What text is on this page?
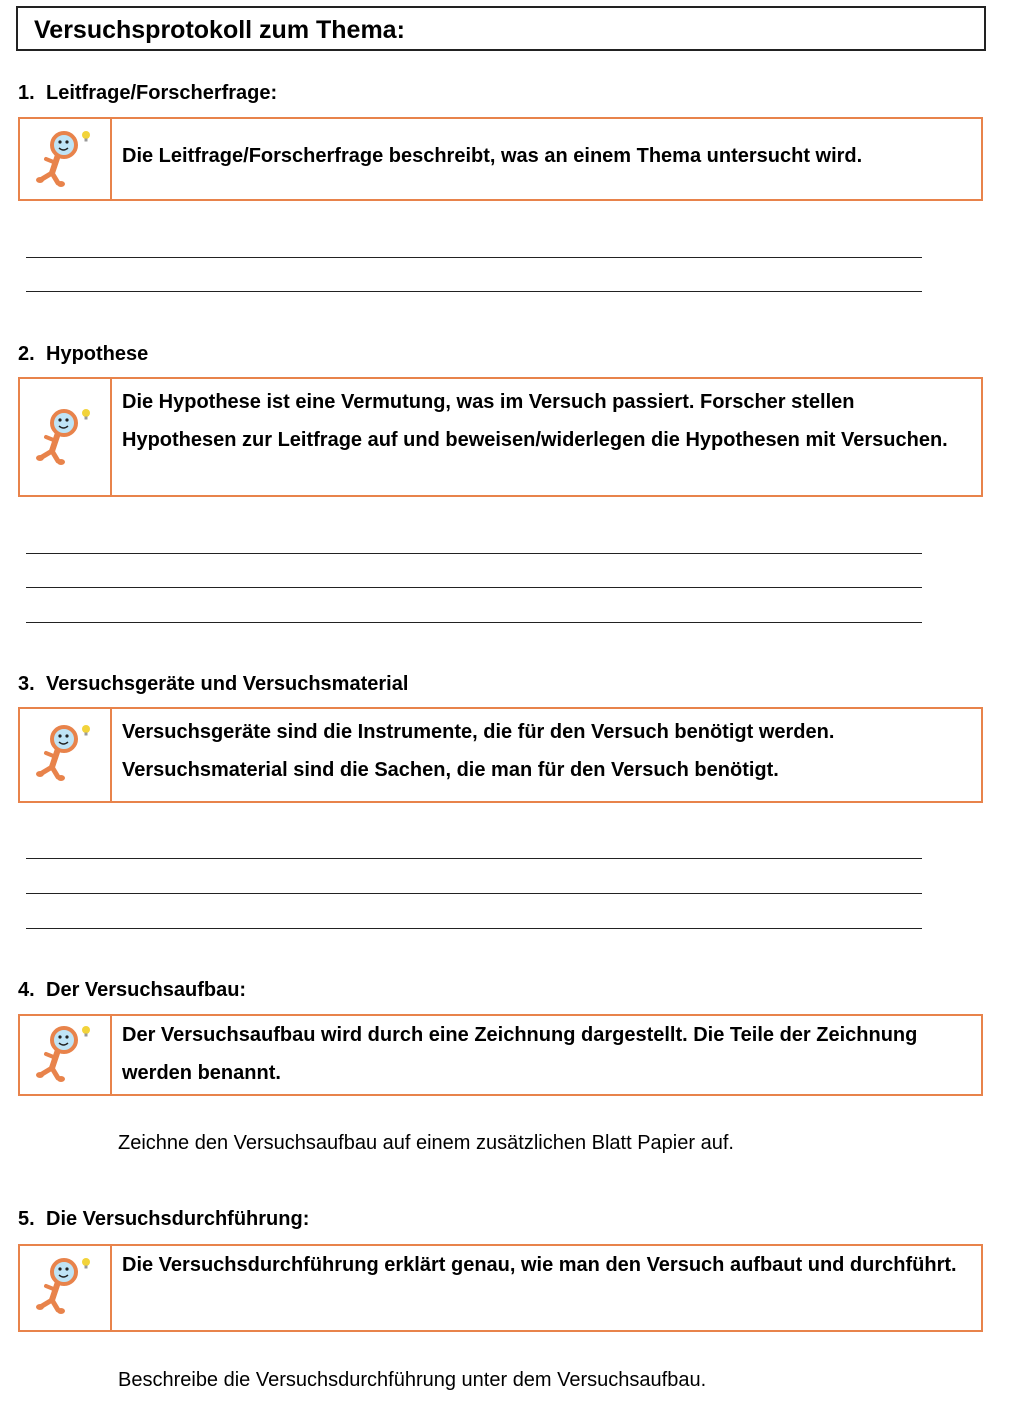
Versuchsprotokoll zum Thema:
1. Leitfrage/Forscherfrage:
Die Leitfrage/Forscherfrage beschreibt, was an einem Thema untersucht wird.
2. Hypothese
Die Hypothese ist eine Vermutung, was im Versuch passiert. Forscher stellen Hypothesen zur Leitfrage auf und beweisen/widerlegen die Hypothesen mit Versuchen.
3. Versuchsgeräte und Versuchsmaterial
Versuchsgeräte sind die Instrumente, die für den Versuch benötigt werden.
Versuchsmaterial sind die Sachen, die man für den Versuch benötigt.
4. Der Versuchsaufbau:
Der Versuchsaufbau wird durch eine Zeichnung dargestellt. Die Teile der Zeichnung werden benannt.
Zeichne den Versuchsaufbau auf einem zusätzlichen Blatt Papier auf.
5. Die Versuchsdurchführung:
Die Versuchsdurchführung erklärt genau, wie man den Versuch aufbaut und durchführt.
Beschreibe die Versuchsdurchführung unter dem Versuchsaufbau.
